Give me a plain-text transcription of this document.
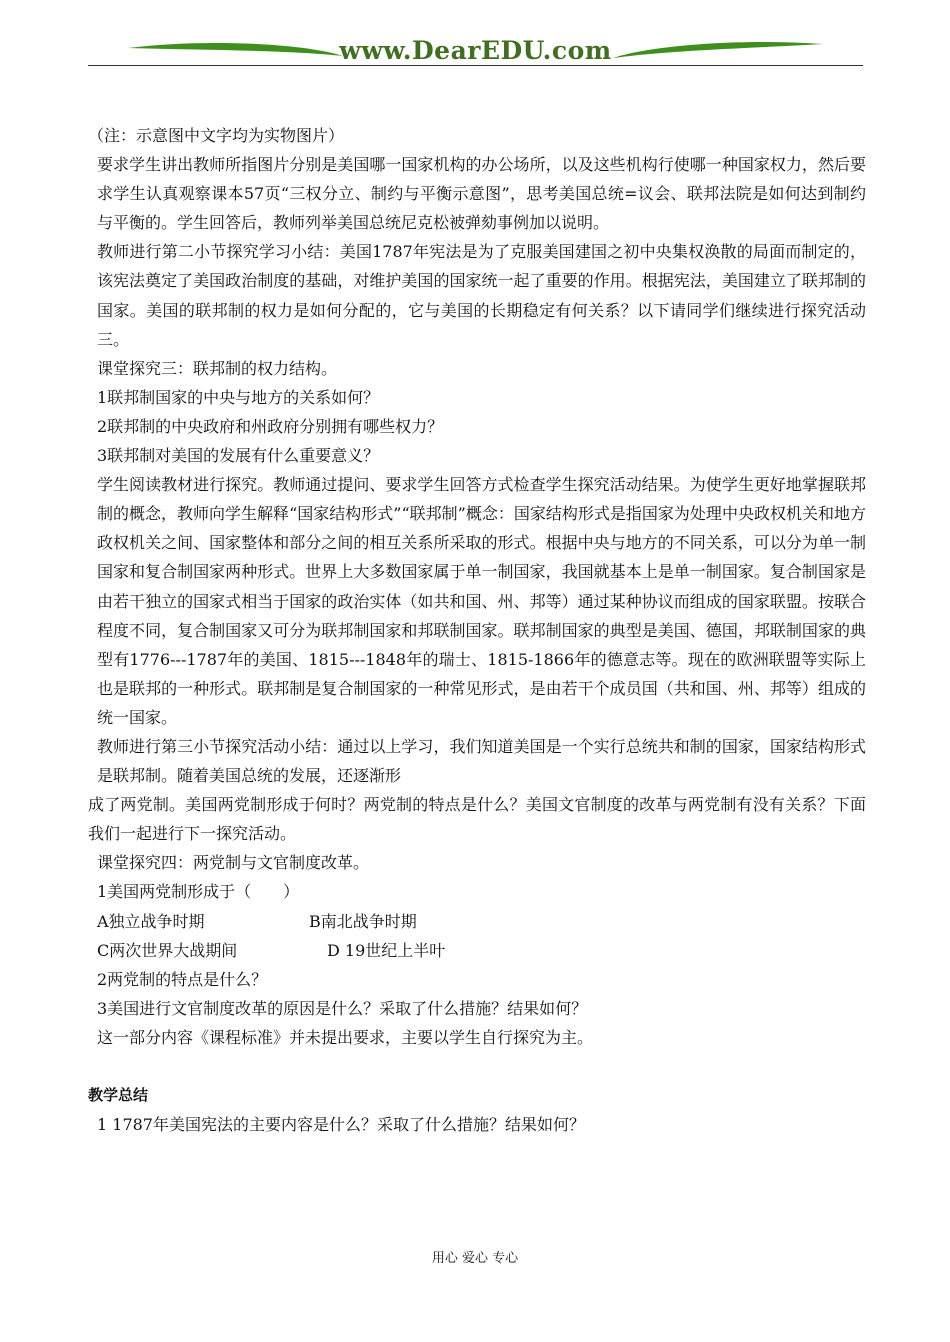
www.DearEDU.com

（注：示意图中文字均为实物图片）

要求学生讲出教师所指图片分别是美国哪一国家机构的办公场所，以及这些机构行使哪一种国家权力，然后要求学生认真观察课本57页“三权分立、制约与平衡示意图”，思考美国总统=议会、联邦法院是如何达到制约与平衡的。学生回答后，教师列举美国总统尼克松被弹劾事例加以说明。

教师进行第二小节探究学习小结：美国1787年宪法是为了克服美国建国之初中央集权涣散的局面而制定的，该宪法奠定了美国政治制度的基础，对维护美国的国家统一起了重要的作用。根据宪法，美国建立了联邦制的国家。美国的联邦制的权力是如何分配的，它与美国的长期稳定有何关系？以下请同学们继续进行探究活动三。

课堂探究三：联邦制的权力结构。

1联邦制国家的中央与地方的关系如何？

2联邦制的中央政府和州政府分别拥有哪些权力？

3联邦制对美国的发展有什么重要意义？

学生阅读教材进行探究。教师通过提问、要求学生回答方式检查学生探究活动结果。为使学生更好地掌握联邦制的概念，教师向学生解释“国家结构形式”“联邦制”概念：国家结构形式是指国家为处理中央政权机关和地方政权机关之间、国家整体和部分之间的相互关系所采取的形式。根据中央与地方的不同关系，可以分为单一制国家和复合制国家两种形式。世界上大多数国家属于单一制国家，我国就基本上是单一制国家。复合制国家是由若干独立的国家式相当于国家的政治实体（如共和国、州、邦等）通过某种协议而组成的国家联盟。按联合程度不同，复合制国家又可分为联邦制国家和邦联制国家。联邦制国家的典型是美国、德国，邦联制国家的典型有1776---1787年的美国、1815---1848年的瑞士、1815-1866年的德意志等。现在的欧洲联盟等实际上也是联邦的一种形式。联邦制是复合制国家的一种常见形式，是由若干个成员国（共和国、州、邦等）组成的统一国家。

教师进行第三小节探究活动小结：通过以上学习，我们知道美国是一个实行总统共和制的国家，国家结构形式是联邦制。随着美国总统的发展，还逐渐形

成了两党制。美国两党制形成于何时？两党制的特点是什么？美国文官制度的改革与两党制有没有关系？下面我们一起进行下一探究活动。

课堂探究四：两党制与文官制度改革。

1美国两党制形成于（　　）

A独立战争时期	B南北战争时期

C两次世界大战期间	D 19世纪上半叶

2两党制的特点是什么？

3美国进行文官制度改革的原因是什么？采取了什么措施？结果如何？

这一部分内容《课程标准》并未提出要求，主要以学生自行探究为主。

教学总结

1 1787年美国宪法的主要内容是什么？采取了什么措施？结果如何？

用心 爱心 专心
